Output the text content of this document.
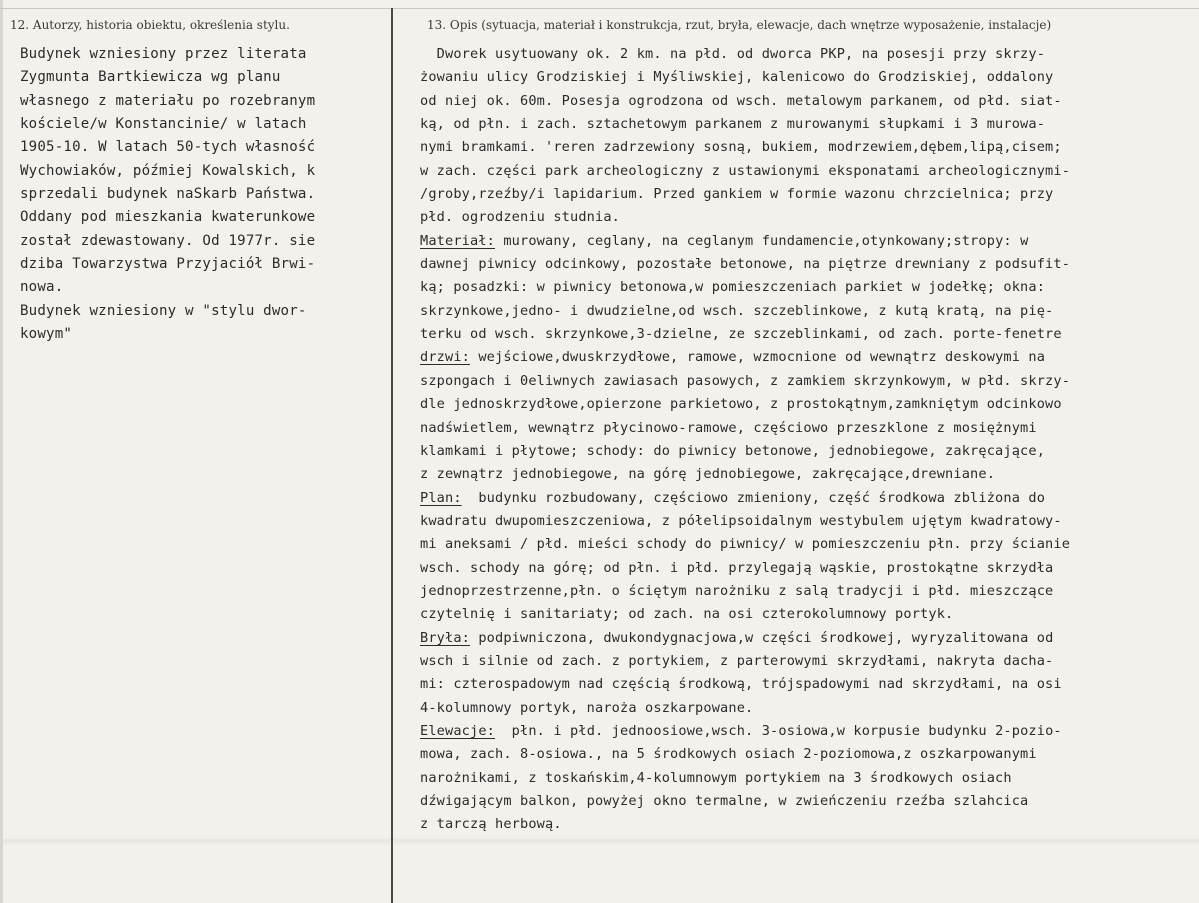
12. Autorzy, historia obiektu, określenia stylu.	13. Opis (sytuacja, materiał i konstrukcja, rzut, bryła, elewacje, dach wnętrze wyposażenie, instalacje)
Budynek wzniesiony przez literata
Zygmunta Bartkiewicza wg planu
własnego z materiału po rozebranym
kościele/w Konstancinie/ w latach
1905-10. W latach 50-tych własność
Wychowiaków, późmiej Kowalskich, k
sprzedali budynek naSkarb Państwa.
Oddany pod mieszkania kwaterunkowe
został zdewastowany. Od 1977r. sie
dziba Towarzystwa Przyjaciół Brwi-
nowa.
Budynek wzniesiony w "stylu dwor-
kowym"
Dworek usytuowany ok. 2 km. na płd. od dworca PKP, na posesji przy skrzy-
żowaniu ulicy Grodziskiej i Myśliwskiej, kalenicowo do Grodziskiej, oddalony
od niej ok. 60m. Posesja ogrodzona od wsch. metalowym parkanem, od płd. siat-
ką, od płn. i zach. sztachetowym parkanem z murowanymi słupkami i 3 murowa-
nymi bramkami. 'reren zadrzewiony sosną, bukiem, modrzewiem,dębem,lipą,cisem;
w zach. części park archeologiczny z ustawionymi eksponatami archeologicznymi-
/groby,rzeźby/i lapidarium. Przed gankiem w formie wazonu chrzcielnica; przy
płd. ogrodzeniu studnia.
Materiał: murowany, ceglany, na ceglanym fundamencie,otynkowany;stropy: w
dawnej piwnicy odcinkowy, pozostałe betonowe, na piętrze drewniany z podsufit-
ką; posadzki: w piwnicy betonowa,w pomieszczeniach parkiet w jodełkę; okna:
skrzynkowe,jedno- i dwudzielne,od wsch. szczeblinkowe, z kutą kratą, na pię-
terku od wsch. skrzynkowe,3-dzielne, ze szczeblinkami, od zach. porte-fenetre
drzwi: wejściowe,dwuskrzydłowe, ramowe, wzmocnione od wewnątrz deskowymi na
szpongach i 0eliwnych zawiasach pasowych, z zamkiem skrzynkowym, w płd. skrzy-
dle jednoskrzydłowe,opierzone parkietowo, z prostokątnym,zamkniętym odcinkowo
nadświetlem, wewnątrz płycinowo-ramowe, częściowo przeszklone z mosiężnymi
klamkami i płytowe; schody: do piwnicy betonowe, jednobiegowe, zakręcające,
z zewnątrz jednobiegowe, na górę jednobiegowe, zakręcające,drewniane.
Plan:  budynku rozbudowany, częściowo zmieniony, część środkowa zbliżona do
kwadratu dwupomieszczeniowa, z półelipsoidalnym westybulem ujętym kwadratowy-
mi aneksami / płd. mieści schody do piwnicy/ w pomieszczeniu płn. przy ścianie
wsch. schody na górę; od płn. i płd. przylegają wąskie, prostokątne skrzydła
jednoprzestrzenne,płn. o ściętym narożniku z salą tradycji i płd. mieszczące
czytelnię i sanitariaty; od zach. na osi czterokolumnowy portyk.
Bryła: podpiwniczona, dwukondygnacjowa,w części środkowej, wyryzalitowana od
wsch i silnie od zach. z portykiem, z parterowymi skrzydłami, nakryta dacha-
mi: czterospadowym nad częścią środkową, trójspadowymi nad skrzydłami, na osi
4-kolumnowy portyk, naroża oszkarpowane.
Elewacje:  płn. i płd. jednoosiowe,wsch. 3-osiowa,w korpusie budynku 2-pozio-
mowa, zach. 8-osiowa., na 5 środkowych osiach 2-poziomowa,z oszkarpowanymi
narożnikami, z toskańskim,4-kolumnowym portykiem na 3 środkowych osiach
dźwigającym balkon, powyżej okno termalne, w zwieńczeniu rzeźba szlahcica
z tarczą herbową.
